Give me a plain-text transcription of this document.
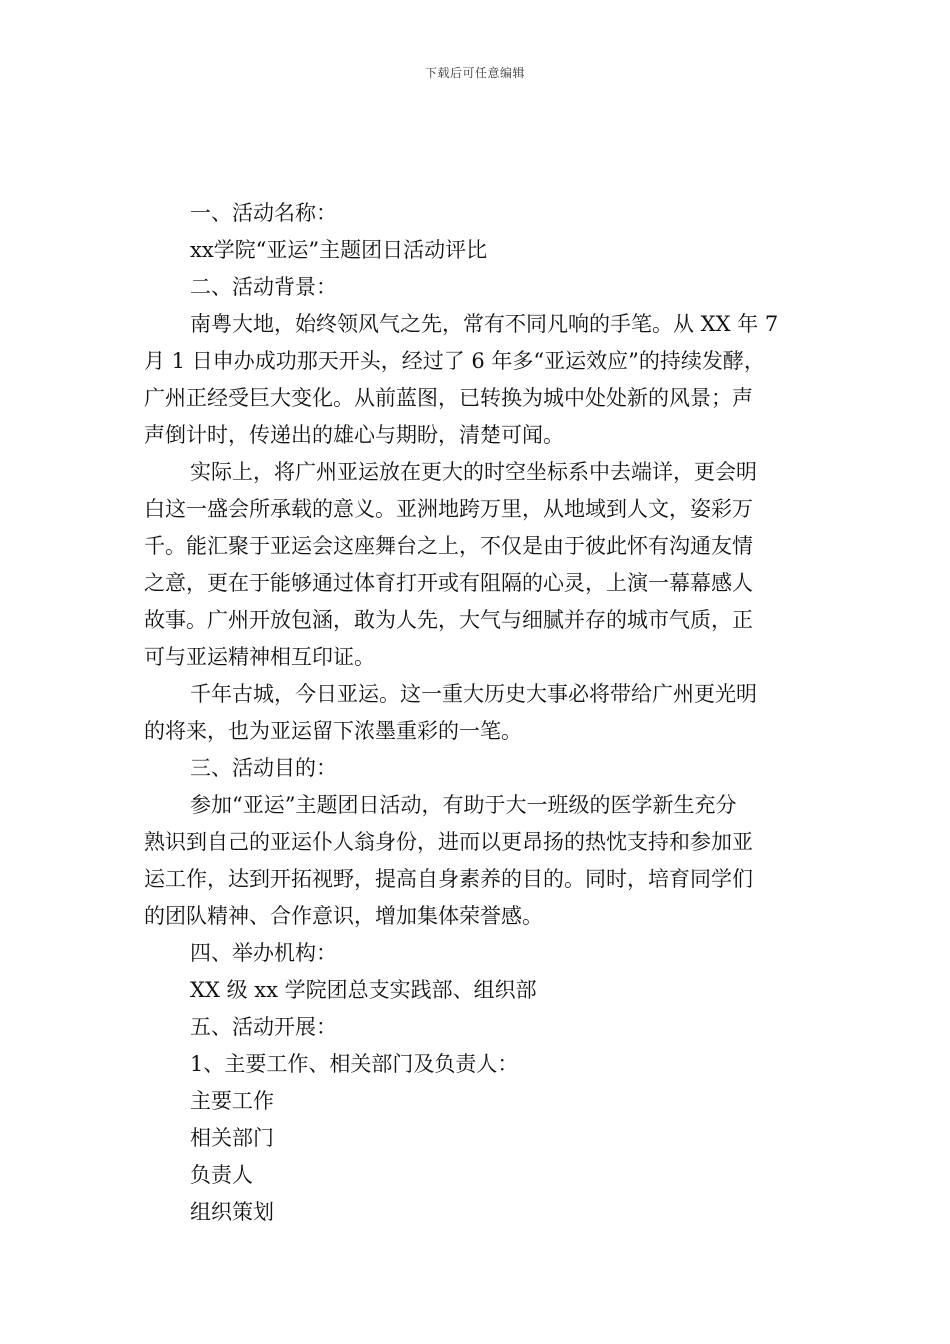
下载后可任意编辑
一、活动名称：
xx学院“亚运”主题团日活动评比
二、活动背景：
南粤大地，始终领风气之先，常有不同凡响的手笔。从 XX 年 7
月 1 日申办成功那天开头，经过了 6 年多“亚运效应”的持续发酵，
广州正经受巨大变化。从前蓝图，已转换为城中处处新的风景；声
声倒计时，传递出的雄心与期盼，清楚可闻。
实际上，将广州亚运放在更大的时空坐标系中去端详，更会明
白这一盛会所承载的意义。亚洲地跨万里，从地域到人文，姿彩万
千。能汇聚于亚运会这座舞台之上，不仅是由于彼此怀有沟通友情
之意，更在于能够通过体育打开或有阻隔的心灵，上演一幕幕感人
故事。广州开放包涵，敢为人先，大气与细腻并存的城市气质，正
可与亚运精神相互印证。
千年古城，今日亚运。这一重大历史大事必将带给广州更光明
的将来，也为亚运留下浓墨重彩的一笔。
三、活动目的：
参加“亚运”主题团日活动，有助于大一班级的医学新生充分
熟识到自己的亚运仆人翁身份，进而以更昂扬的热忱支持和参加亚
运工作，达到开拓视野，提高自身素养的目的。同时，培育同学们
的团队精神、合作意识，增加集体荣誉感。
四、举办机构：
XX 级 xx 学院团总支实践部、组织部
五、活动开展：
1、主要工作、相关部门及负责人：
主要工作
相关部门
负责人
组织策划
